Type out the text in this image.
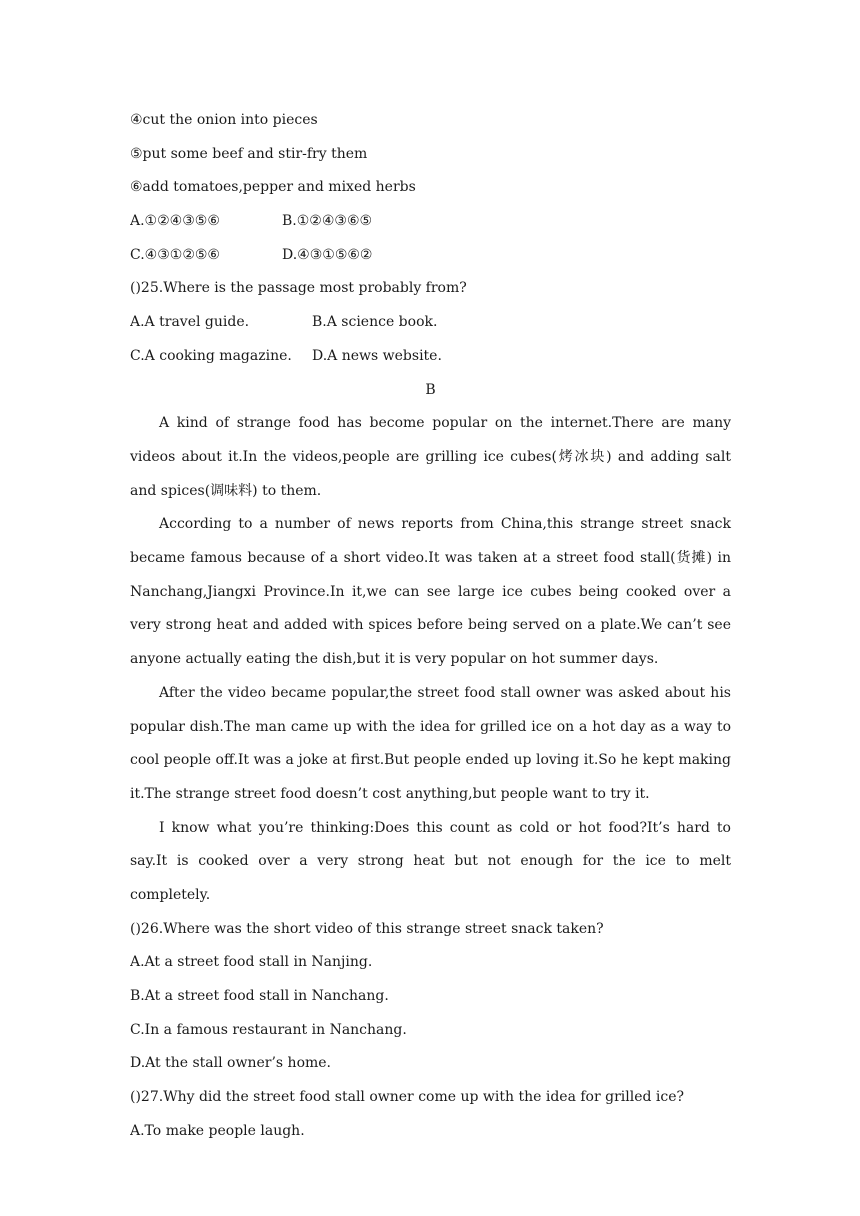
④cut the onion into pieces
⑤put some beef and stir-fry them
⑥add tomatoes,pepper and mixed herbs
A.①②④③⑤⑥	B.①②④③⑥⑤
C.④③①②⑤⑥	D.④③①⑤⑥②
()25.Where is the passage most probably from?
A.A travel guide.	B.A science book.
C.A cooking magazine.	D.A news website.
B

A kind of strange food has become popular on the internet.There are many videos about it.In the videos,people are grilling ice cubes(烤冰块) and adding salt and spices(调味料) to them.

According to a number of news reports from China,this strange street snack became famous because of a short video.It was taken at a street food stall(货摊) in Nanchang,Jiangxi Province.In it,we can see large ice cubes being cooked over a very strong heat and added with spices before being served on a plate.We can’t see anyone actually eating the dish,but it is very popular on hot summer days.

After the video became popular,the street food stall owner was asked about his popular dish.The man came up with the idea for grilled ice on a hot day as a way to cool people off.It was a joke at first.But people ended up loving it.So he kept making it.The strange street food doesn’t cost anything,but people want to try it.

I know what you’re thinking:Does this count as cold or hot food?It’s hard to say.It is cooked over a very strong heat but not enough for the ice to melt completely.

()26.Where was the short video of this strange street snack taken?
A.At a street food stall in Nanjing.
B.At a street food stall in Nanchang.
C.In a famous restaurant in Nanchang.
D.At the stall owner’s home.
()27.Why did the street food stall owner come up with the idea for grilled ice?
A.To make people laugh.
